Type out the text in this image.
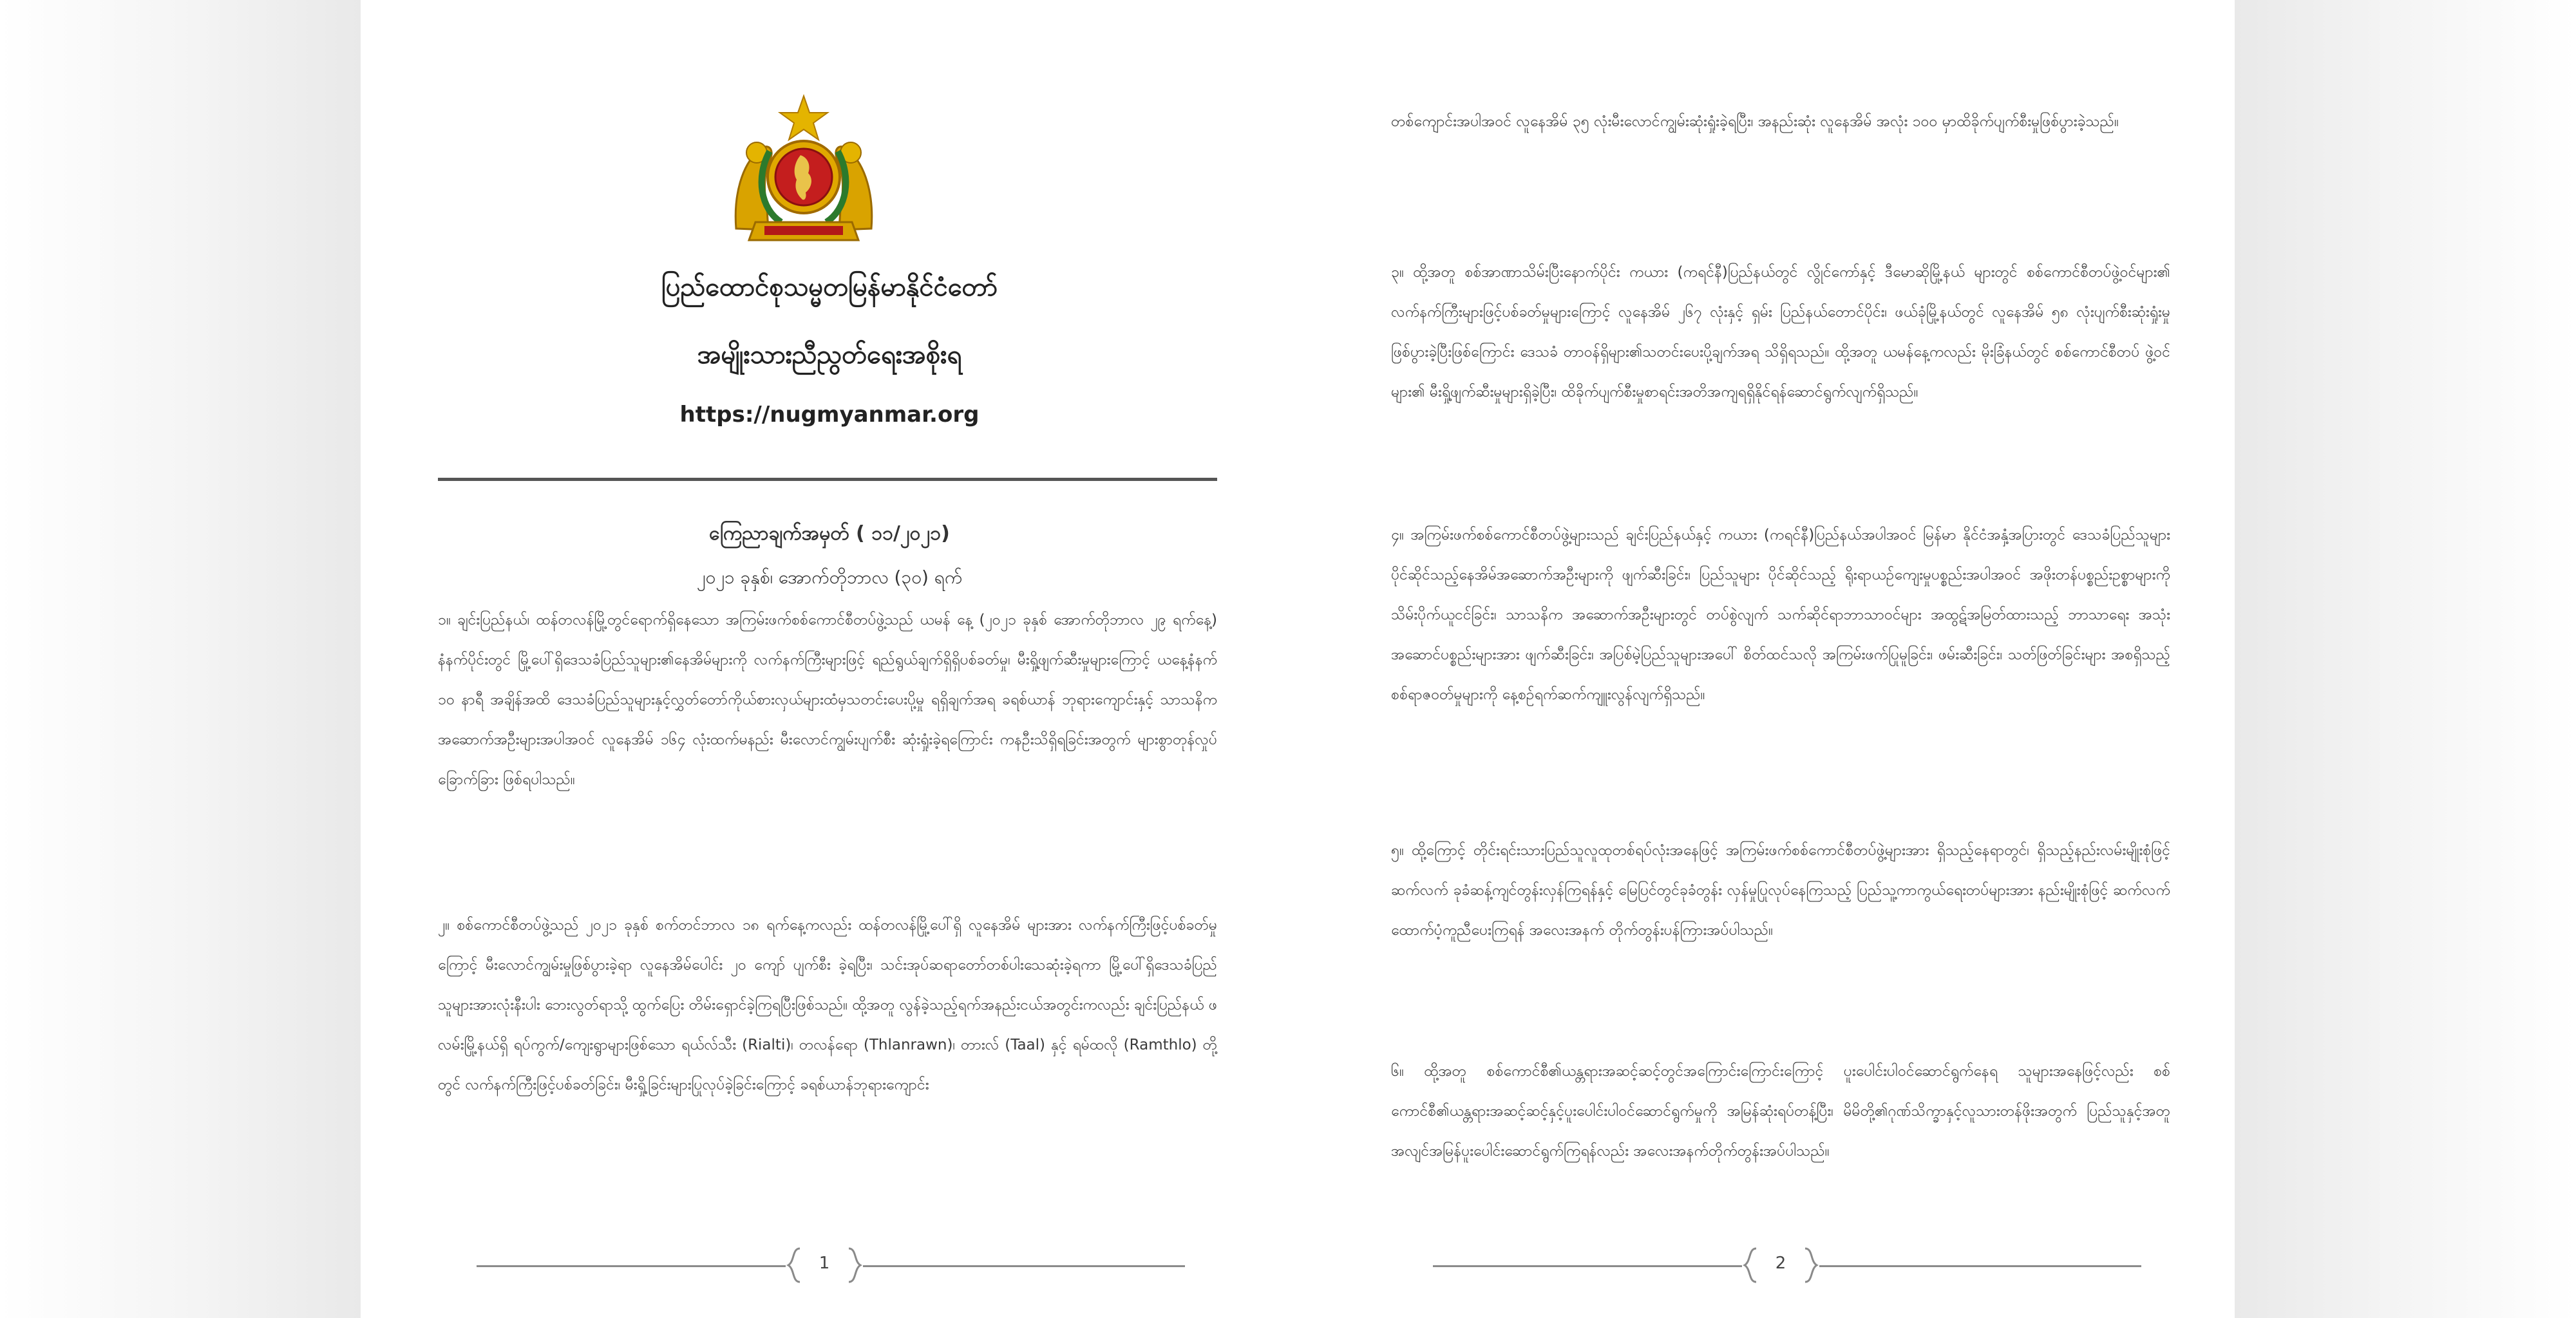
ပြည်ထောင်စုသမ္မတမြန်မာနိုင်ငံတော်
အမျိုးသားညီညွတ်ရေးအစိုးရ
https://nugmyanmar.org
ကြေညာချက်အမှတ် ( ၁၁/၂၀၂၁)
၂၀၂၁ ခုနှစ်၊ အောက်တိုဘာလ (၃၀) ရက်
၁။ ချင်းပြည်နယ်၊ ထန်တလန်မြို့တွင်ရောက်ရှိနေသော အကြမ်းဖက်စစ်ကောင်စီတပ်ဖွဲ့သည် ယမန် နေ့ (၂၀၂၁ ခုနှစ် အောက်တိုဘာလ ၂၉ ရက်နေ့) နံနက်ပိုင်းတွင် မြို့ပေါ်ရှိဒေသခံပြည်သူများ၏နေအိမ်များကို လက်နက်ကြီးများဖြင့် ရည်ရွယ်ချက်ရှိရှိပစ်ခတ်မှု၊ မီးရှို့ဖျက်ဆီးမှုများကြောင့် ယနေ့နံနက် ၁၀ နာရီ အချိန်အထိ ဒေသခံပြည်သူများနှင့်လွှတ်တော်ကိုယ်စားလှယ်များထံမှသတင်းပေးပို့မှု ရရှိချက်အရ ခရစ်ယာန် ဘုရားကျောင်းနှင့် သာသနိကအဆောက်အဦးများအပါအဝင် လူနေအိမ် ၁၆၄ လုံးထက်မနည်း မီးလောင်ကျွမ်းပျက်စီး ဆုံးရှုံးခဲ့ရကြောင်း ကနဦးသိရှိရခြင်းအတွက် များစွာတုန်လှုပ်ခြောက်ခြား ဖြစ်ရပါသည်။
၂။ စစ်ကောင်စီတပ်ဖွဲ့သည် ၂၀၂၁ ခုနှစ် စက်တင်ဘာလ ၁၈ ရက်နေ့ကလည်း ထန်တလန်မြို့ပေါ်ရှိ လူနေအိမ် များအား လက်နက်ကြီးဖြင့်ပစ်ခတ်မှုကြောင့် မီးလောင်ကျွမ်းမှုဖြစ်ပွားခဲ့ရာ လူနေအိမ်ပေါင်း ၂၀ ကျော် ပျက်စီး ခဲ့ရပြီး၊ သင်းအုပ်ဆရာတော်တစ်ပါးသေဆုံးခဲ့ရကာ မြို့ပေါ်ရှိဒေသခံပြည်သူများအားလုံးနီးပါး ဘေးလွတ်ရာသို့ ထွက်ပြေး တိမ်းရှောင်ခဲ့ကြရပြီးဖြစ်သည်။ ထို့အတူ လွန်ခဲ့သည့်ရက်အနည်းငယ်အတွင်းကလည်း ချင်းပြည်နယ် ဖလမ်းမြို့နယ်ရှိ ရပ်ကွက်/ကျေးရွာများဖြစ်သော ရယ်လ်သီး (Rialti)၊ တလန်ရော (Thlanrawn)၊ တားလ် (Taal) နှင့် ရမ်ထလို (Ramthlo) တို့တွင် လက်နက်ကြီးဖြင့်ပစ်ခတ်ခြင်း၊ မီးရှို့ခြင်းများပြုလုပ်ခဲ့ခြင်းကြောင့် ခရစ်ယာန်ဘုရားကျောင်း
1
တစ်ကျောင်းအပါအဝင် လူနေအိမ် ၃၅ လုံးမီးလောင်ကျွမ်းဆုံးရှုံးခဲ့ရပြီး၊ အနည်းဆုံး လူနေအိမ် အလုံး ၁၀၀ မှာထိခိုက်ပျက်စီးမှုဖြစ်ပွားခဲ့သည်။
၃။ ထို့အတူ စစ်အာဏာသိမ်းပြီးနောက်ပိုင်း ကယား (ကရင်နီ)ပြည်နယ်တွင် လွိုင်ကော်နှင့် ဒီမောဆိုမြို့နယ် များတွင် စစ်ကောင်စီတပ်ဖွဲ့ဝင်များ၏ လက်နက်ကြီးများဖြင့်ပစ်ခတ်မှုများကြောင့် လူနေအိမ် ၂၆၇ လုံးနှင့် ရှမ်း ပြည်နယ်တောင်ပိုင်း၊ ဖယ်ခုံမြို့နယ်တွင် လူနေအိမ် ၅၈ လုံးပျက်စီးဆုံးရှုံးမှုဖြစ်ပွားခဲ့ပြီးဖြစ်ကြောင်း ဒေသခံ တာဝန်ရှိများ၏သတင်းပေးပို့ချက်အရ သိရှိရသည်။ ထို့အတူ ယမန်နေ့ကလည်း မိုးခြံနယ်တွင် စစ်ကောင်စီတပ် ဖွဲ့ဝင်များ၏ မီးရှို့ဖျက်ဆီးမှုများရှိခဲ့ပြီး၊ ထိခိုက်ပျက်စီးမှုစာရင်းအတိအကျရရှိနိုင်ရန်ဆောင်ရွက်လျက်ရှိသည်။
၄။ အကြမ်းဖက်စစ်ကောင်စီတပ်ဖွဲ့များသည် ချင်းပြည်နယ်နှင့် ကယား (ကရင်နီ)ပြည်နယ်အပါအဝင် မြန်မာ နိုင်ငံအနှံ့အပြားတွင် ဒေသခံပြည်သူများပိုင်ဆိုင်သည့်နေအိမ်အဆောက်အဦးများကို ဖျက်ဆီးခြင်း၊ ပြည်သူများ ပိုင်ဆိုင်သည့် ရိုးရာယဉ်ကျေးမှုပစ္စည်းအပါအဝင် အဖိုးတန်ပစ္စည်းဥစ္စာများကို သိမ်းပိုက်ယူငင်ခြင်း၊ သာသနိက အဆောက်အဦးများတွင် တပ်စွဲလျက် သက်ဆိုင်ရာဘာသာဝင်များ အထွဋ်အမြတ်ထားသည့် ဘာသာရေး အသုံး အဆောင်ပစ္စည်းများအား ဖျက်ဆီးခြင်း၊ အပြစ်မဲ့ပြည်သူများအပေါ် စိတ်ထင်သလို အကြမ်းဖက်ပြုမူခြင်း၊ ဖမ်းဆီးခြင်း၊ သတ်ဖြတ်ခြင်းများ အစရှိသည့် စစ်ရာဇဝတ်မှုများကို နေ့စဉ်ရက်ဆက်ကျူးလွန်လျက်ရှိသည်။
၅။ ထို့ကြောင့် တိုင်းရင်းသားပြည်သူလူထုတစ်ရပ်လုံးအနေဖြင့် အကြမ်းဖက်စစ်ကောင်စီတပ်ဖွဲ့များအား ရှိသည့်နေရာတွင်၊ ရှိသည့်နည်းလမ်းမျိုးစုံဖြင့် ဆက်လက် ခုခံဆန့်ကျင်တွန်းလှန်ကြရန်နှင့် မြေပြင်တွင်ခုခံတွန်း လှန်မှုပြုလုပ်နေကြသည့် ပြည်သူ့ကာကွယ်ရေးတပ်များအား နည်းမျိုးစုံဖြင့် ဆက်လက်ထောက်ပံ့ကူညီပေးကြရန် အလေးအနက် တိုက်တွန်းပန်ကြားအပ်ပါသည်။
၆။ ထို့အတူ စစ်ကောင်စီ၏ယန္တရားအဆင့်ဆင့်တွင်အကြောင်းကြောင်းကြောင့် ပူးပေါင်းပါဝင်ဆောင်ရွက်နေရ သူများအနေဖြင့်လည်း စစ်ကောင်စီ၏ယန္တရားအဆင့်ဆင့်နှင့်ပူးပေါင်းပါဝင်ဆောင်ရွက်မှုကို အမြန်ဆုံးရပ်တန့်ပြီး၊ မိမိတို့၏ဂုဏ်သိက္ခာနှင့်လူသားတန်ဖိုးအတွက် ပြည်သူနှင့်အတူ အလျင်အမြန်ပူးပေါင်းဆောင်ရွက်ကြရန်လည်း အလေးအနက်တိုက်တွန်းအပ်ပါသည်။
2
